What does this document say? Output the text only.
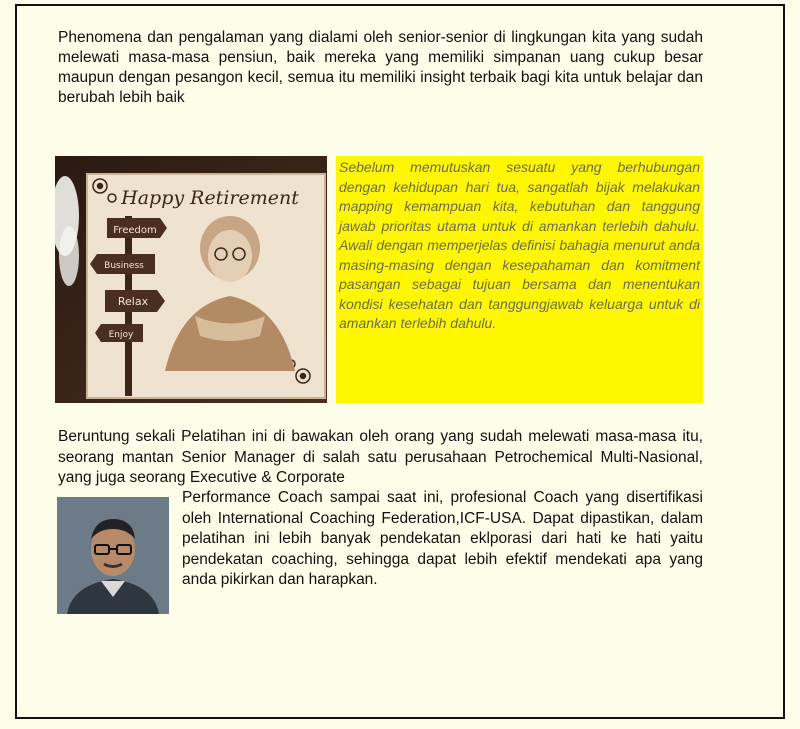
Phenomena dan pengalaman yang dialami oleh senior-senior di lingkungan kita yang sudah melewati masa-masa pensiun, baik mereka yang memiliki simpanan uang cukup besar maupun dengan pesangon kecil, semua itu memiliki insight terbaik bagi kita untuk belajar dan berubah lebih baik

Happy Retirement
Freedom
Business
Relax
Enjoy
Sebelum memutuskan sesuatu yang berhubungan dengan kehidupan hari tua, sangatlah bijak melakukan mapping kemampuan kita, kebutuhan dan tanggung jawab prioritas utama untuk di amankan terlebih dahulu. Awali dengan memperjelas definisi bahagia menurut anda masing-masing dengan kesepahaman dan komitment pasangan sebagai tujuan bersama dan menentukan kondisi kesehatan dan tanggungjawab keluarga untuk di amankan terlebih dahulu.

Beruntung sekali Pelatihan ini di bawakan oleh orang yang sudah melewati masa-masa itu, seorang mantan Senior Manager di salah satu perusahaan Petrochemical Multi-Nasional, yang juga seorang Executive & Corporate

Performance Coach sampai saat ini, profesional Coach yang disertifikasi oleh International Coaching Federation,ICF-USA. Dapat dipastikan, dalam pelatihan ini lebih banyak pendekatan eklporasi dari hati ke hati yaitu pendekatan coaching, sehingga dapat lebih efektif mendekati apa yang anda pikirkan dan harapkan.
